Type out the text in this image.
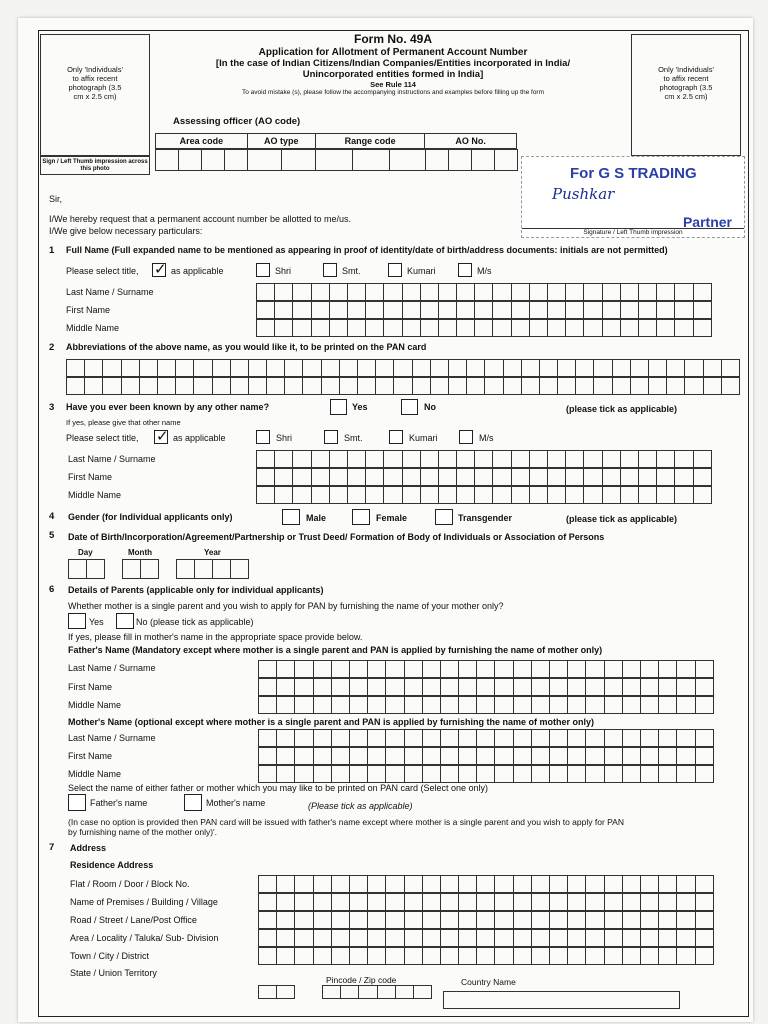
Only 'Individuals' to affix recent photograph (3.5 cm x 2.5 cm)
Sign / Left Thumb impression across this photo
Only 'Individuals' to affix recent photograph (3.5 cm x 2.5 cm)
Form No. 49A
Application for Allotment of Permanent Account Number
[In the case of Indian Citizens/Indian Companies/Entities incorporated in India/
Unincorporated entities formed in India]
See Rule 114
To avoid mistake (s), please follow the accompanying instructions and examples before filling up the form
Assessing officer (AO code)
Area code	AO type	Range code	AO No.
For G S TRADING
Pushkar
Partner
Signature / Left Thumb impression
Sir,
I/We hereby request that a permanent account number be allotted to me/us.
I/We give below necessary particulars:
1 Full Name (Full expanded name to be mentioned as appearing in proof of identity/date of birth/address documents: initials are not permitted)
Please select title, ✓ as applicable	Shri	Smt.	Kumari	M/s
Last Name / Surname
First Name
Middle Name
2 Abbreviations of the above name, as you would like it, to be printed on the PAN card
3 Have you ever been known by any other name?	Yes	No	(please tick as applicable)
If yes, please give that other name
Please select title, ✓ as applicable	Shri	Smt.	Kumari	M/s
Last Name / Surname
First Name
Middle Name
4 Gender (for Individual applicants only)	Male	Female	Transgender	(please tick as applicable)
5 Date of Birth/Incorporation/Agreement/Partnership or Trust Deed/ Formation of Body of Individuals or Association of Persons
Day	Month	Year
6 Details of Parents (applicable only for individual applicants)
Whether mother is a single parent and you wish to apply for PAN by furnishing the name of your mother only?
Yes	No (please tick as applicable)
If yes, please fill in mother's name in the appropriate space provide below.
Father's Name (Mandatory except where mother is a single parent and PAN is applied by furnishing the name of mother only)
Last Name / Surname
First Name
Middle Name
Mother's Name (optional except where mother is a single parent and PAN is applied by furnishing the name of mother only)
Last Name / Surname
First Name
Middle Name
Select the name of either father or mother which you may like to be printed on PAN card (Select one only)
Father's name	Mother's name	(Please tick as applicable)
(In case no option is provided then PAN card will be issued with father's name except where mother is a single parent and you wish to apply for PAN
by furnishing name of the mother only)'.
7 Address
Residence Address
Flat / Room / Door / Block No.
Name of Premises / Building / Village
Road / Street / Lane/Post Office
Area / Locality / Taluka/ Sub- Division
Town / City / District
State / Union Territory
Pincode / Zip code	Country Name
